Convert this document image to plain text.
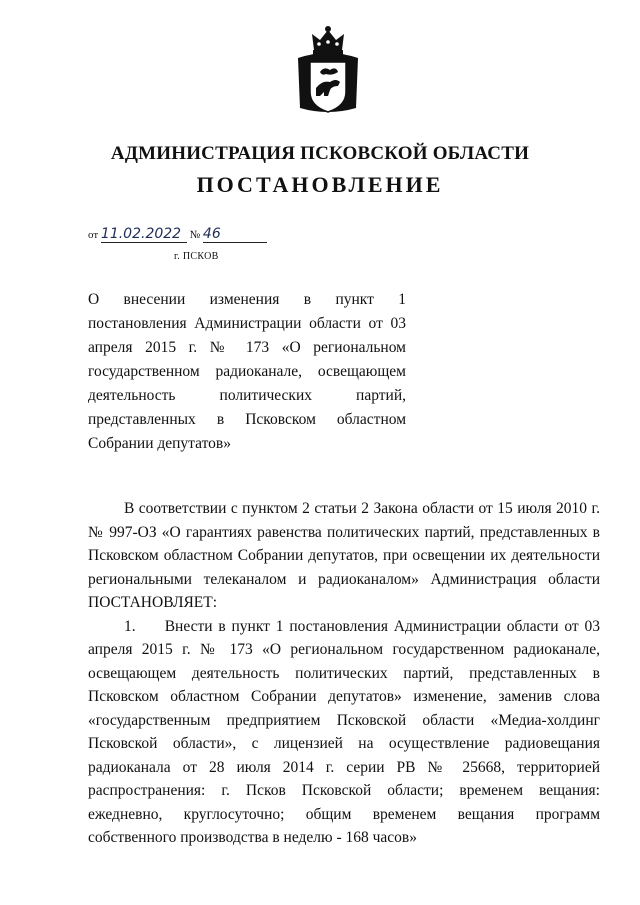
АДМИНИСТРАЦИЯ ПСКОВСКОЙ ОБЛАСТИ
ПОСТАНОВЛЕНИЕ
от 11.02.2022 № 46
г. ПСКОВ
О внесении изменения в пункт 1 постановления Администрации области от 03 апреля 2015 г. № 173 «О региональном государственном радиоканале, освещающем деятельность политических партий, представленных в Псковском областном Собрании депутатов»

В соответствии с пунктом 2 статьи 2 Закона области от 15 июля 2010 г. № 997-ОЗ «О гарантиях равенства политических партий, представленных в Псковском областном Собрании депутатов, при освещении их деятельности региональными телеканалом и радиоканалом» Администрация области ПОСТАНОВЛЯЕТ:

1.     Внести в пункт 1 постановления Администрации области от 03 апреля 2015 г. № 173 «О региональном государственном радиоканале, освещающем деятельность политических партий, представленных в Псковском областном Собрании депутатов» изменение, заменив слова «государственным предприятием Псковской области «Медиа-холдинг Псковской области», с лицензией на осуществление радиовещания радиоканала от 28 июля 2014 г. серии РВ № 25668, территорией распространения: г. Псков Псковской области; временем вещания: ежедневно, круглосуточно; общим временем вещания программ собственного производства в неделю - 168 часов»
